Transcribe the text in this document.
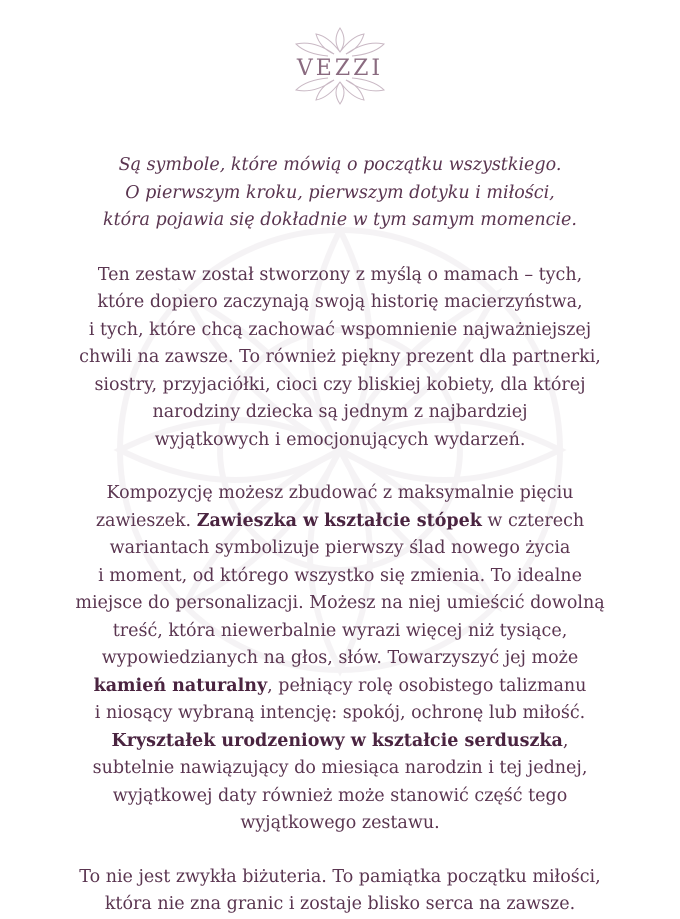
VEZZI

Są symbole, które mówią o początku wszystkiego.
O pierwszym kroku, pierwszym dotyku i miłości,
która pojawia się dokładnie w tym samym momencie.

Ten zestaw został stworzony z myślą o mamach – tych,
które dopiero zaczynają swoją historię macierzyństwa,
i tych, które chcą zachować wspomnienie najważniejszej
chwili na zawsze. To również piękny prezent dla partnerki,
siostry, przyjaciółki, cioci czy bliskiej kobiety, dla której
narodziny dziecka są jednym z najbardziej
wyjątkowych i emocjonujących wydarzeń.

Kompozycję możesz zbudować z maksymalnie pięciu
zawieszek. Zawieszka w kształcie stópek w czterech
wariantach symbolizuje pierwszy ślad nowego życia
i moment, od którego wszystko się zmienia. To idealne
miejsce do personalizacji. Możesz na niej umieścić dowolną
treść, która niewerbalnie wyrazi więcej niż tysiące,
wypowiedzianych na głos, słów. Towarzyszyć jej może
kamień naturalny, pełniący rolę osobistego talizmanu
i niosący wybraną intencję: spokój, ochronę lub miłość.
Kryształek urodzeniowy w kształcie serduszka,
subtelnie nawiązujący do miesiąca narodzin i tej jednej,
wyjątkowej daty również może stanowić część tego
wyjątkowego zestawu.

To nie jest zwykła biżuteria. To pamiątka początku miłości,
która nie zna granic i zostaje blisko serca na zawsze.
